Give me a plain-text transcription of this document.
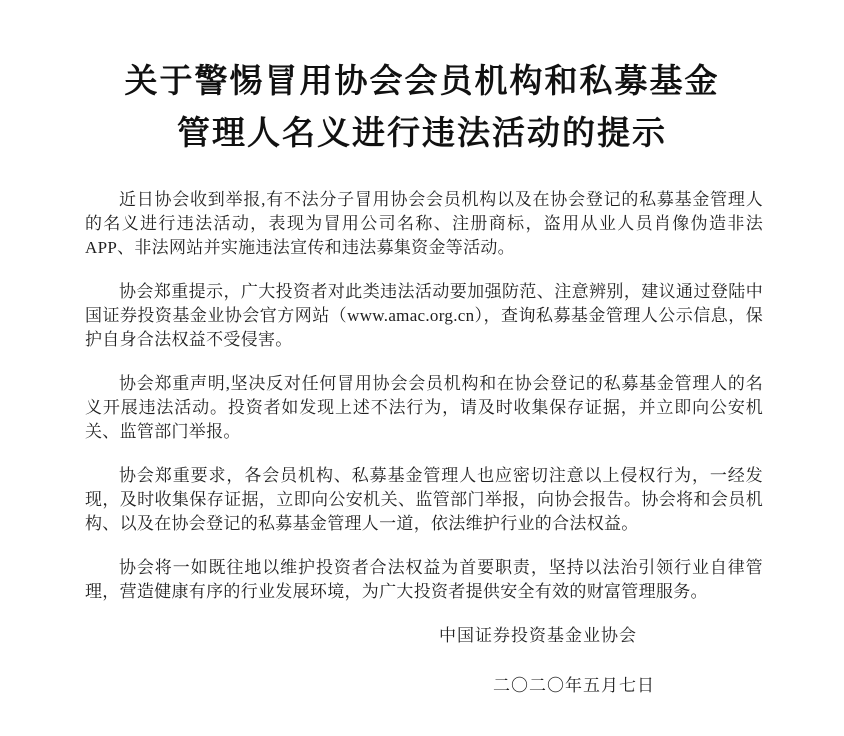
关于警惕冒用协会会员机构和私募基金
管理人名义进行违法活动的提示

近日协会收到举报,有不法分子冒用协会会员机构以及在协会登记的私募基金管理人的名义进行违法活动，表现为冒用公司名称、注册商标，盗用从业人员肖像伪造非法 APP、非法网站并实施违法宣传和违法募集资金等活动。

协会郑重提示，广大投资者对此类违法活动要加强防范、注意辨别，建议通过登陆中国证券投资基金业协会官方网站（www.amac.org.cn），查询私募基金管理人公示信息，保护自身合法权益不受侵害。

协会郑重声明,坚决反对任何冒用协会会员机构和在协会登记的私募基金管理人的名义开展违法活动。投资者如发现上述不法行为，请及时收集保存证据，并立即向公安机关、监管部门举报。

协会郑重要求，各会员机构、私募基金管理人也应密切注意以上侵权行为，一经发现，及时收集保存证据，立即向公安机关、监管部门举报，向协会报告。协会将和会员机构、以及在协会登记的私募基金管理人一道，依法维护行业的合法权益。

协会将一如既往地以维护投资者合法权益为首要职责，坚持以法治引领行业自律管理，营造健康有序的行业发展环境，为广大投资者提供安全有效的财富管理服务。

中国证券投资基金业协会
二〇二〇年五月七日
